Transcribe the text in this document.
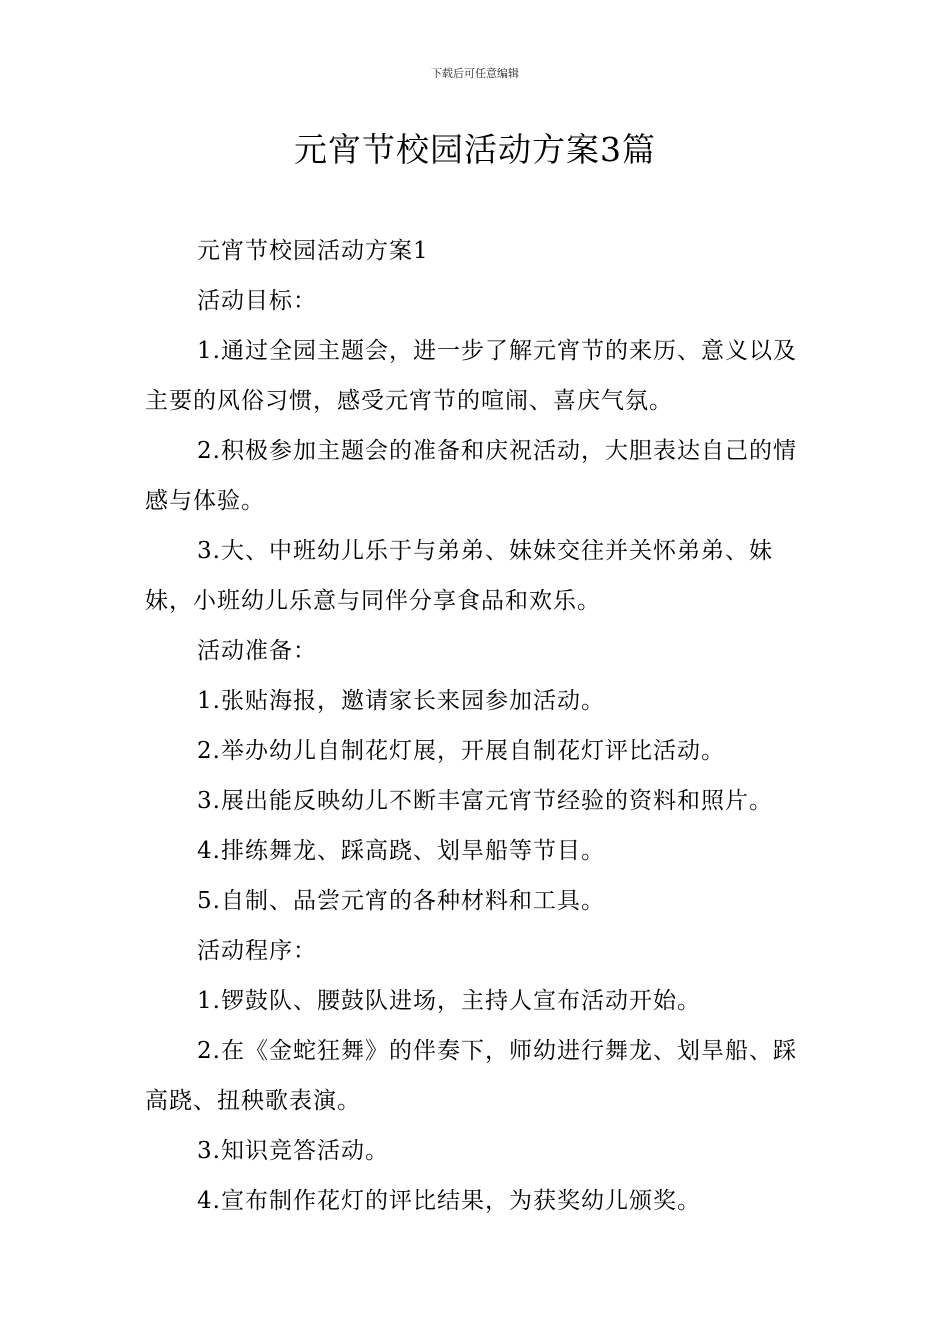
下载后可任意编辑
元宵节校园活动方案3篇

元宵节校园活动方案1

活动目标：

1.通过全园主题会，进一步了解元宵节的来历、意义以及主要的风俗习惯，感受元宵节的喧闹、喜庆气氛。

2.积极参加主题会的准备和庆祝活动，大胆表达自己的情感与体验。

3.大、中班幼儿乐于与弟弟、妹妹交往并关怀弟弟、妹妹，小班幼儿乐意与同伴分享食品和欢乐。

活动准备：

1.张贴海报，邀请家长来园参加活动。

2.举办幼儿自制花灯展，开展自制花灯评比活动。

3.展出能反映幼儿不断丰富元宵节经验的资料和照片。

4.排练舞龙、踩高跷、划旱船等节目。

5.自制、品尝元宵的各种材料和工具。

活动程序：

1.锣鼓队、腰鼓队进场，主持人宣布活动开始。

2.在《金蛇狂舞》的伴奏下，师幼进行舞龙、划旱船、踩高跷、扭秧歌表演。

3.知识竞答活动。

4.宣布制作花灯的评比结果，为获奖幼儿颁奖。
